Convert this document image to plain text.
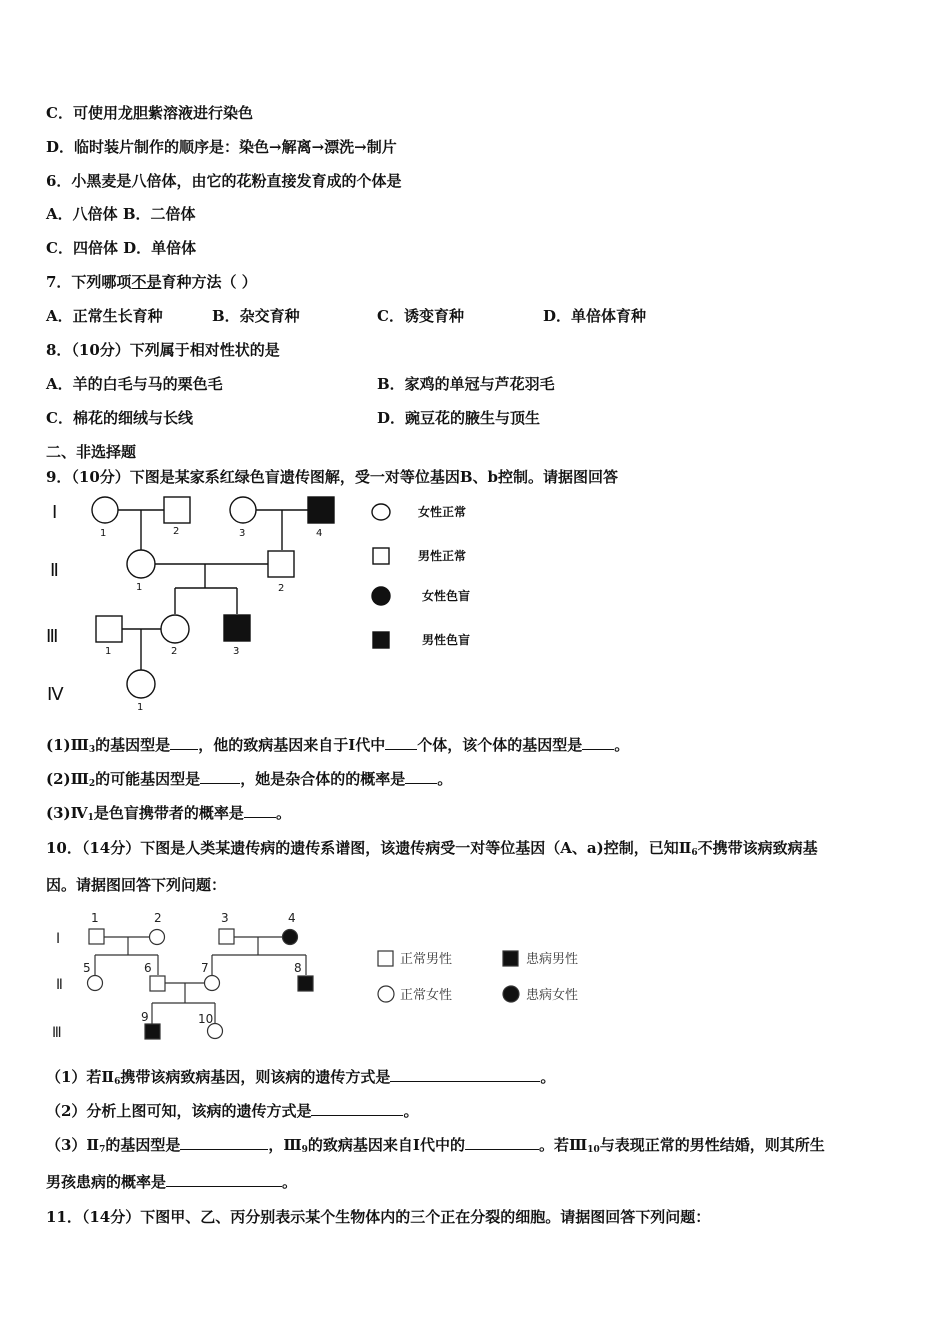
C．可使用龙胆紫溶液进行染色
D．临时装片制作的顺序是：染色→解离→漂洗→制片
6．小黑麦是八倍体，由它的花粉直接发育成的个体是
A．八倍体 B．二倍体
C．四倍体 D．单倍体
7．下列哪项不是育种方法（ ）
A．正常生长育种	B．杂交育种	C．诱变育种	D．单倍体育种
8．（10分）下列属于相对性状的是
A．羊的白毛与马的栗色毛	B．家鸡的单冠与芦花羽毛
C．棉花的细绒与长线	D．豌豆花的腋生与顶生
二、非选择题
9．（10分）下图是某家系红绿色盲遗传图解，受一对等位基因B、b控制。请据图回答
Ⅰ
Ⅱ
Ⅲ
Ⅳ
1	2	3	4
1	2
1	2	3
1
女性正常
男性正常
女性色盲
男性色盲
$(1)Ⅲ_3$的基因型是 ，他的致病基因来自于Ⅰ代中 个体，该个体的基因型是 。
$(2)Ⅲ_2$的可能基因型是	，她是杂合体的的概率是 。
$(3)Ⅳ_1$是色盲携带者的概率是 。
10．（14分）下图是人类某遗传病的遗传系谱图，该遗传病受一对等位基因（A、a)控制，已知$Ⅱ_6$不携带该病致病基
因。请据图回答下列问题：
Ⅰ
Ⅱ
Ⅲ
1	2	3	4
5	6	7	8
9	10
正常男性	患病男性
正常女性	患病女性
（1）若$Ⅱ_6$携带该病致病基因，则该病的遗传方式是	。
（2）分析上图可知，该病的遗传方式是	。
$(3)Ⅱ_7$的基因型是	，$Ⅲ_9$的致病基因来自Ⅰ代中的	。若$Ⅲ_{10}$与表现正常的男性结婚，则其所生
男孩患病的概率是	。
11．（14分）下图甲、乙、丙分别表示某个生物体内的三个正在分裂的细胞。请据图回答下列问题：
